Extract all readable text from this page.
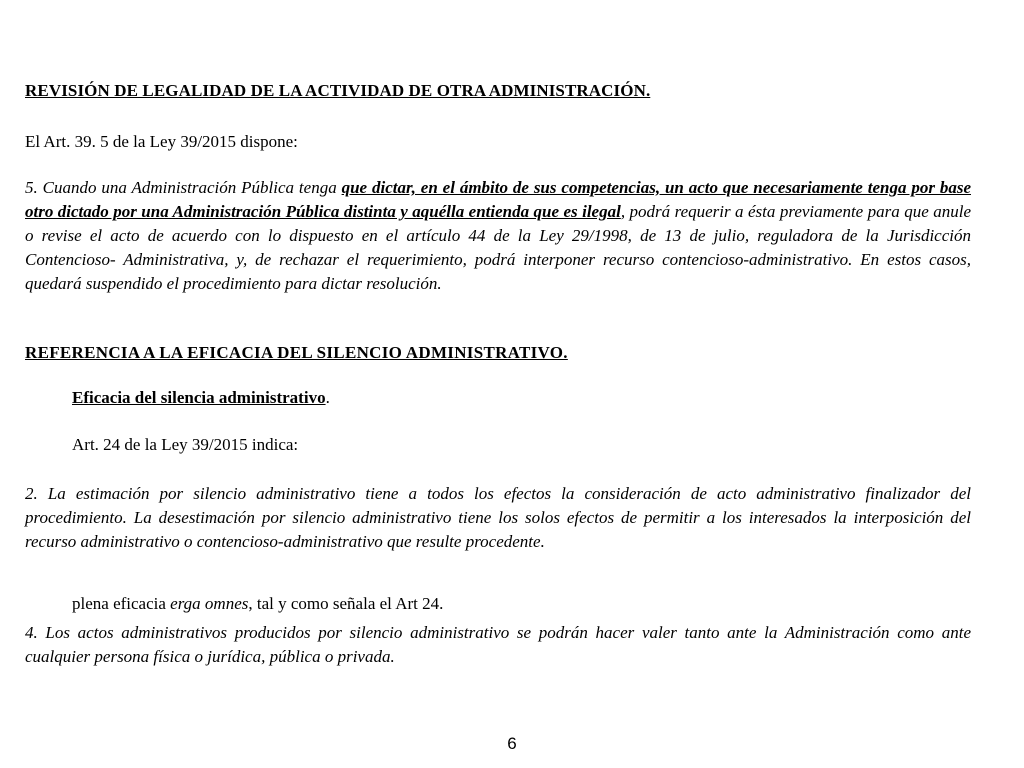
REVISIÓN DE LEGALIDAD DE LA ACTIVIDAD DE OTRA ADMINISTRACIÓN.

El Art. 39. 5 de la Ley 39/2015 dispone:

5. Cuando una Administración Pública tenga que dictar, en el ámbito de sus competencias, un acto que necesariamente tenga por base otro dictado por una Administración Pública distinta y aquélla entienda que es ilegal, podrá requerir a ésta previamente para que anule o revise el acto de acuerdo con lo dispuesto en el artículo 44 de la Ley 29/1998, de 13 de julio, reguladora de la Jurisdicción Contencioso- Administrativa, y, de rechazar el requerimiento, podrá interponer recurso contencioso-administrativo. En estos casos, quedará suspendido el procedimiento para dictar resolución.

REFERENCIA A LA EFICACIA DEL SILENCIO ADMINISTRATIVO.

Eficacia del silencia administrativo.

Art. 24 de la Ley 39/2015 indica:

2. La estimación por silencio administrativo tiene a todos los efectos la consideración de acto administrativo finalizador del procedimiento. La desestimación por silencio administrativo tiene los solos efectos de permitir a los interesados la interposición del recurso administrativo o contencioso-administrativo que resulte procedente.

plena eficacia erga omnes, tal y como señala el Art 24.

4. Los actos administrativos producidos por silencio administrativo se podrán hacer valer tanto ante la Administración como ante cualquier persona física o jurídica, pública o privada.

6
